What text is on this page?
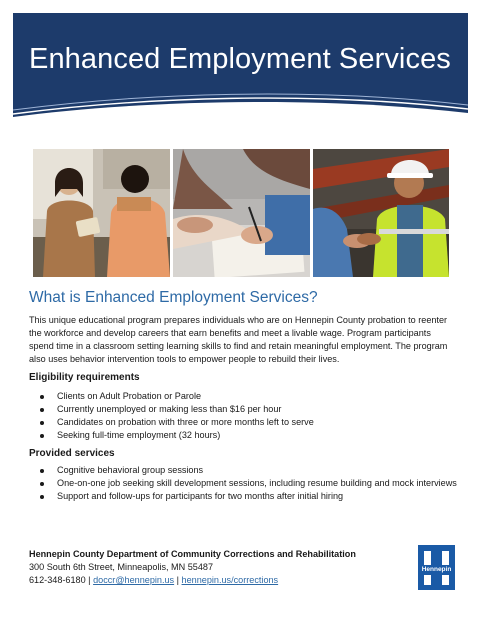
Enhanced Employment Services
What is Enhanced Employment Services?

This unique educational program prepares individuals who are on Hennepin County probation to reenter the workforce and develop careers that earn benefits and meet a livable wage. Program participants spend time in a classroom setting learning skills to find and retain meaningful employment. The program also uses behavior intervention tools to empower people to rebuild their lives.

Eligibility requirements
Clients on Adult Probation or Parole
Currently unemployed or making less than $16 per hour
Candidates on probation with three or more months left to serve
Seeking full-time employment (32 hours)
Provided services
Cognitive behavioral group sessions
One-on-one job seeking skill development sessions, including resume building and mock interviews
Support and follow-ups for participants for two months after initial hiring

Hennepin County Department of Community Corrections and Rehabilitation

300 South 6th Street, Minneapolis, MN 55487

612-348-6180 | doccr@hennepin.us | hennepin.us/corrections

Hennepin
